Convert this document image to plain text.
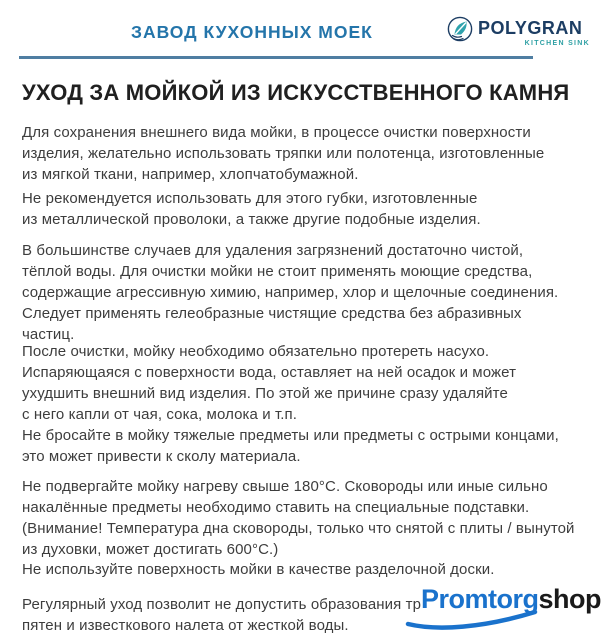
ЗАВОД КУХОННЫХ МОЕК	POLYGRAN
KITCHEN SINK
УХОД ЗА МОЙКОЙ ИЗ ИСКУССТВЕННОГО КАМНЯ
Для сохранения внешнего вида мойки, в процессе очистки поверхности
изделия, желательно использовать тряпки или полотенца, изготовленные
из мягкой ткани, например, хлопчатобумажной.
Не рекомендуется использовать для этого губки, изготовленные
из металлической проволоки, а также другие подобные изделия.
В большинстве случаев для удаления загрязнений достаточно чистой,
тёплой воды. Для очистки мойки не стоит применять моющие средства,
содержащие агрессивную химию, например, хлор и щелочные соединения.
Следует применять гелеобразные чистящие средства без абразивных
частиц.
После очистки, мойку необходимо обязательно протереть насухо.
Испаряющаяся с поверхности вода, оставляет на ней осадок и может
ухудшить внешний вид изделия. По этой же причине сразу удаляйте
с него капли от чая, сока, молока и т.п.
Не бросайте в мойку тяжелые предметы или предметы с острыми концами,
это может привести к сколу материала.
Не подвергайте мойку нагреву свыше 180°С. Сковороды или иные сильно
накалённые предметы необходимо ставить на специальные подставки.
(Внимание! Температура дна сковороды, только что снятой с плиты / вынутой
из духовки, может достигать 600°С.)
Не используйте поверхность мойки в качестве разделочной доски.
Регулярный уход позволит не допустить образования тр
пятен и известкового налета от жесткой воды.
Promtorgshop
